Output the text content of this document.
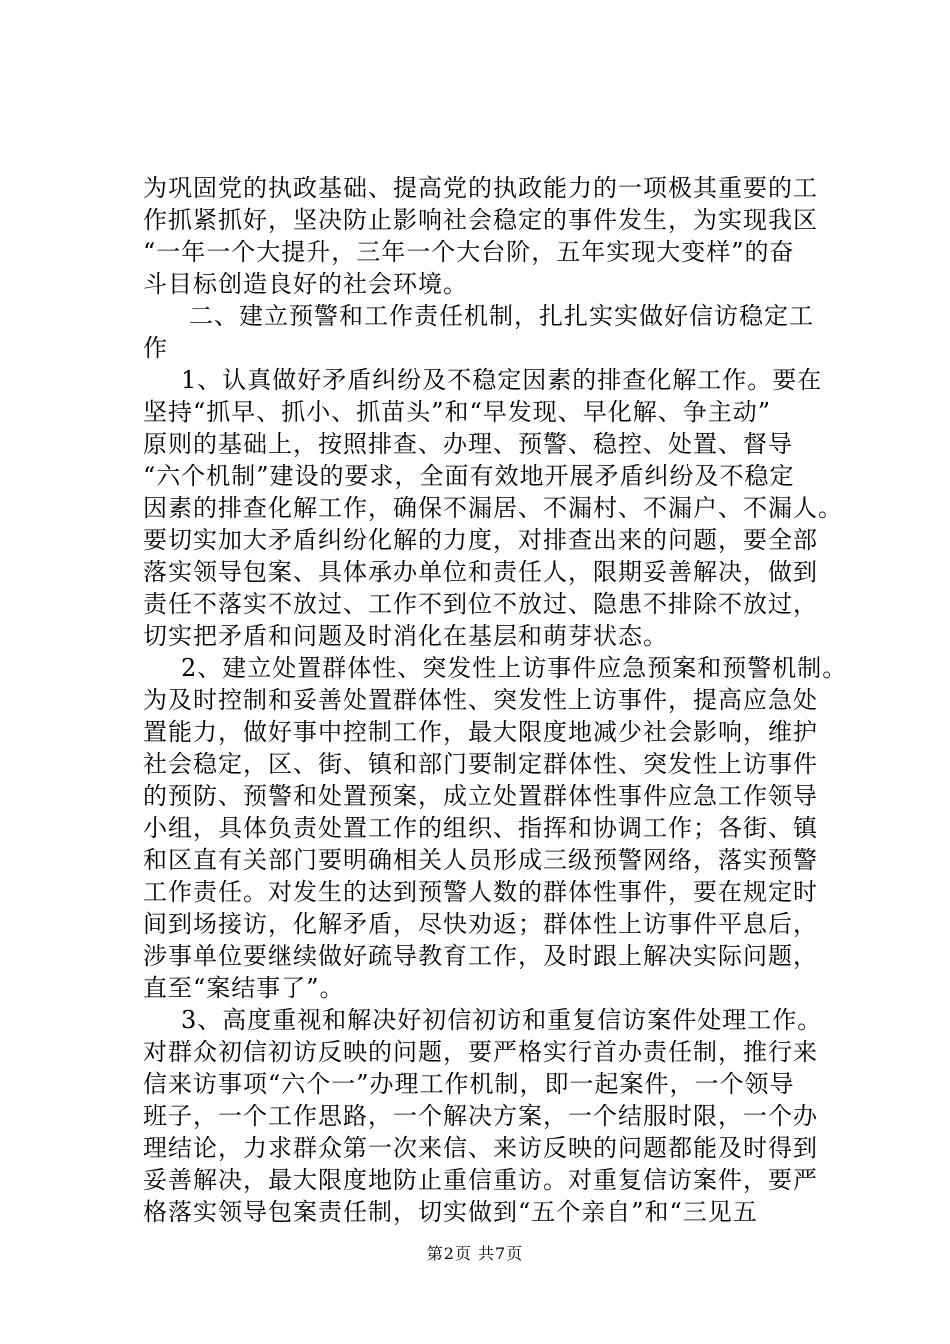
为巩固党的执政基础、提高党的执政能力的一项极其重要的工
作抓紧抓好，坚决防止影响社会稳定的事件发生，为实现我区
“一年一个大提升，三年一个大台阶，五年实现大变样”的奋
斗目标创造良好的社会环境。
二、建立预警和工作责任机制，扎扎实实做好信访稳定工
作
1、认真做好矛盾纠纷及不稳定因素的排查化解工作。要在
坚持“抓早、抓小、抓苗头”和“早发现、早化解、争主动”
原则的基础上，按照排查、办理、预警、稳控、处置、督导
“六个机制”建设的要求，全面有效地开展矛盾纠纷及不稳定
因素的排查化解工作，确保不漏居、不漏村、不漏户、不漏人。
要切实加大矛盾纠纷化解的力度，对排查出来的问题，要全部
落实领导包案、具体承办单位和责任人，限期妥善解决，做到
责任不落实不放过、工作不到位不放过、隐患不排除不放过，
切实把矛盾和问题及时消化在基层和萌芽状态。
2、建立处置群体性、突发性上访事件应急预案和预警机制。
为及时控制和妥善处置群体性、突发性上访事件，提高应急处
置能力，做好事中控制工作，最大限度地减少社会影响，维护
社会稳定，区、街、镇和部门要制定群体性、突发性上访事件
的预防、预警和处置预案，成立处置群体性事件应急工作领导
小组，具体负责处置工作的组织、指挥和协调工作；各街、镇
和区直有关部门要明确相关人员形成三级预警网络，落实预警
工作责任。对发生的达到预警人数的群体性事件，要在规定时
间到场接访，化解矛盾，尽快劝返；群体性上访事件平息后，
涉事单位要继续做好疏导教育工作，及时跟上解决实际问题，
直至“案结事了”。
3、高度重视和解决好初信初访和重复信访案件处理工作。
对群众初信初访反映的问题，要严格实行首办责任制，推行来
信来访事项“六个一”办理工作机制，即一起案件，一个领导
班子，一个工作思路，一个解决方案，一个结服时限，一个办
理结论，力求群众第一次来信、来访反映的问题都能及时得到
妥善解决，最大限度地防止重信重访。对重复信访案件，要严
格落实领导包案责任制，切实做到“五个亲自”和“三见五
第2页 共7页
